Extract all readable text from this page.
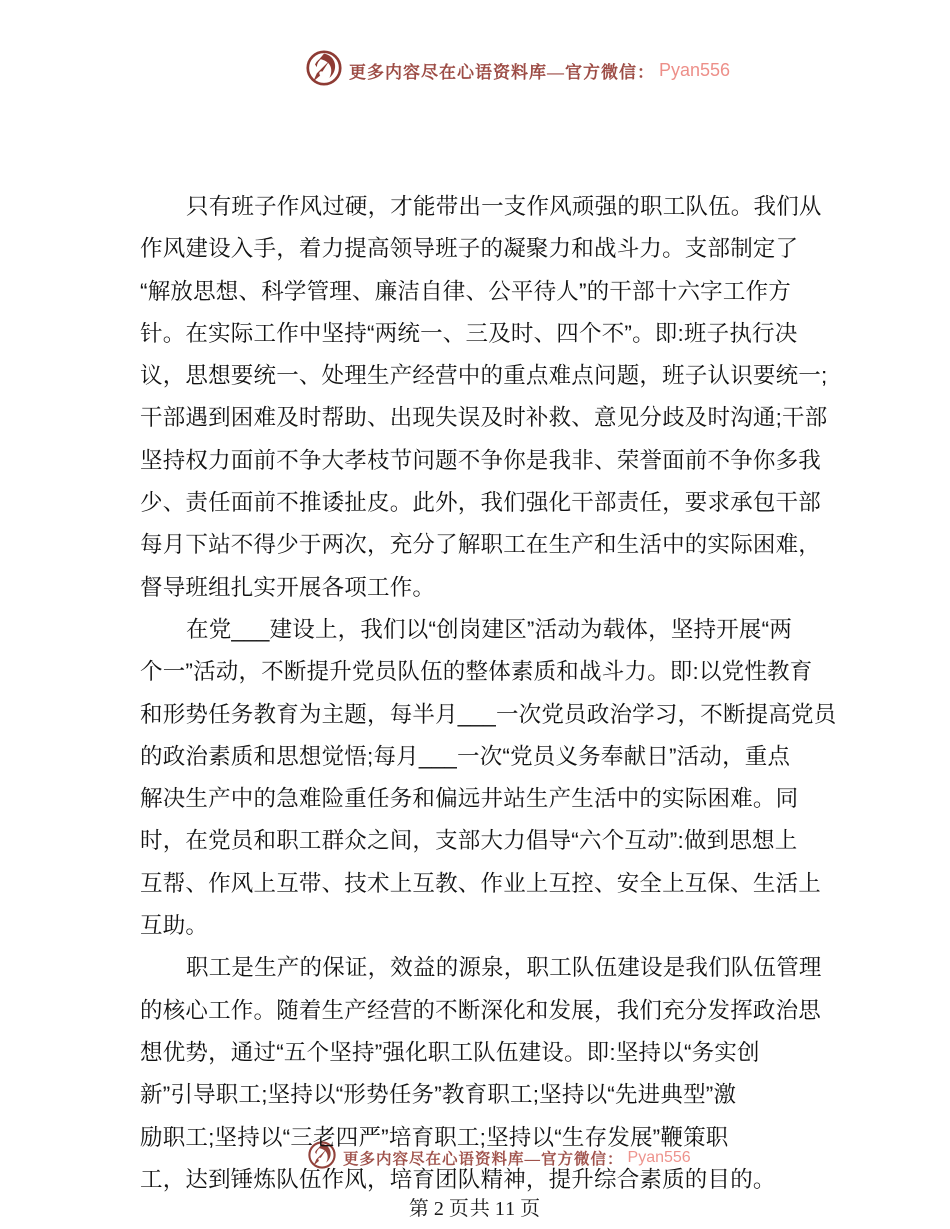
更多内容尽在心语资料库—官方微信： Pyan556
只有班子作风过硬，才能带出一支作风顽强的职工队伍。我们从
作风建设入手，着力提高领导班子的凝聚力和战斗力。支部制定了
“解放思想、科学管理、廉洁自律、公平待人”的干部十六字工作方
针。在实际工作中坚持“两统一、三及时、四个不”。即:班子执行决
议，思想要统一、处理生产经营中的重点难点问题，班子认识要统一;
干部遇到困难及时帮助、出现失误及时补救、意见分歧及时沟通;干部
坚持权力面前不争大孝枝节问题不争你是我非、荣誉面前不争你多我
少、责任面前不推诿扯皮。此外，我们强化干部责任，要求承包干部
每月下站不得少于两次，充分了解职工在生产和生活中的实际困难，
督导班组扎实开展各项工作。
在党___建设上，我们以“创岗建区”活动为载体，坚持开展“两
个一”活动，不断提升党员队伍的整体素质和战斗力。即:以党性教育
和形势任务教育为主题，每半月___一次党员政治学习，不断提高党员
的政治素质和思想觉悟;每月___一次“党员义务奉献日”活动，重点
解决生产中的急难险重任务和偏远井站生产生活中的实际困难。同
时，在党员和职工群众之间，支部大力倡导“六个互动”:做到思想上
互帮、作风上互带、技术上互教、作业上互控、安全上互保、生活上
互助。
职工是生产的保证，效益的源泉，职工队伍建设是我们队伍管理
的核心工作。随着生产经营的不断深化和发展，我们充分发挥政治思
想优势，通过“五个坚持”强化职工队伍建设。即:坚持以“务实创
新”引导职工;坚持以“形势任务”教育职工;坚持以“先进典型”激
励职工;坚持以“三老四严”培育职工;坚持以“生存发展”鞭策职
工，达到锤炼队伍作风，培育团队精神，提升综合素质的目的。
更多内容尽在心语资料库—官方微信： Pyan556
第 2 页共 11 页
